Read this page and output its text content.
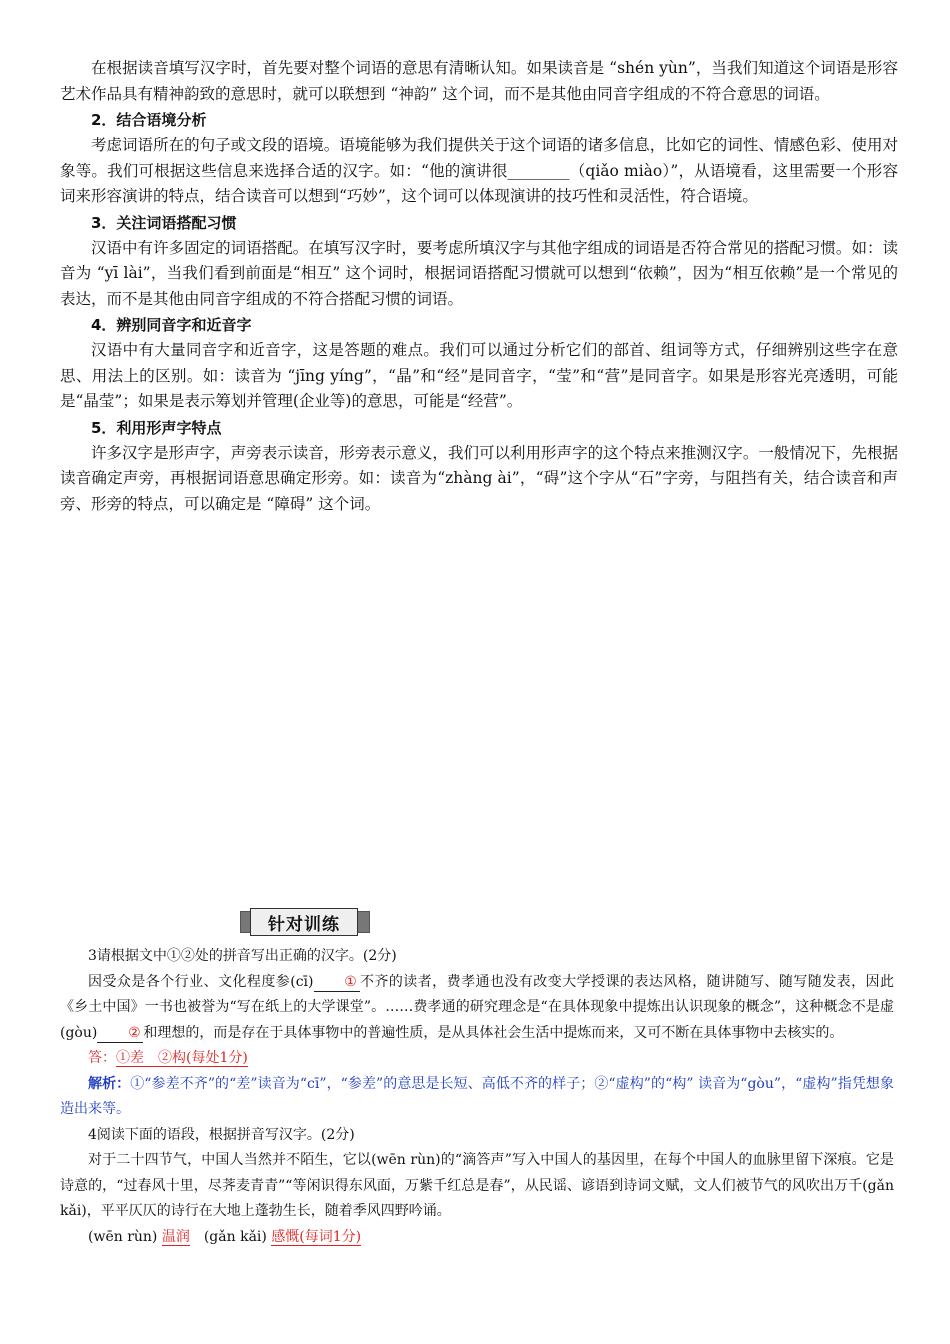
在根据读音填写汉字时，首先要对整个词语的意思有清晰认知。如果读音是 “shén yùn”，当我们知道这个词语是形容艺术作品具有精神韵致的意思时，就可以联想到 “神韵” 这个词，而不是其他由同音字组成的不符合意思的词语。

2．结合语境分析

考虑词语所在的句子或文段的语境。语境能够为我们提供关于这个词语的诸多信息，比如它的词性、情感色彩、使用对象等。我们可根据这些信息来选择合适的汉字。如：“他的演讲很________（qiǎo miào）”，从语境看，这里需要一个形容词来形容演讲的特点，结合读音可以想到“巧妙”，这个词可以体现演讲的技巧性和灵活性，符合语境。

3．关注词语搭配习惯

汉语中有许多固定的词语搭配。在填写汉字时，要考虑所填汉字与其他字组成的词语是否符合常见的搭配习惯。如：读音为 “yī lài”，当我们看到前面是“相互” 这个词时，根据词语搭配习惯就可以想到“依赖”，因为“相互依赖”是一个常见的表达，而不是其他由同音字组成的不符合搭配习惯的词语。

4．辨别同音字和近音字

汉语中有大量同音字和近音字，这是答题的难点。我们可以通过分析它们的部首、组词等方式，仔细辨别这些字在意思、用法上的区别。如：读音为 “jīng yíng”，“晶”和“经”是同音字，“莹”和“营”是同音字。如果是形容光亮透明，可能是“晶莹”；如果是表示筹划并管理(企业等)的意思，可能是“经营”。

5．利用形声字特点

许多汉字是形声字，声旁表示读音，形旁表示意义，我们可以利用形声字的这个特点来推测汉字。一般情况下，先根据读音确定声旁，再根据词语意思确定形旁。如：读音为“zhàng ài”，“碍”这个字从“石”字旁，与阻挡有关，结合读音和声旁、形旁的特点，可以确定是 “障碍” 这个词。

针对训练

3请根据文中①②处的拼音写出正确的汉字。(2分)

因受众是各个行业、文化程度参(cī) ① 不齐的读者，费孝通也没有改变大学授课的表达风格，随讲随写、随写随发表，因此《乡土中国》一书也被誉为“写在纸上的大学课堂”。……费孝通的研究理念是“在具体现象中提炼出认识现象的概念”，这种概念不是虚(gòu) ② 和理想的，而是存在于具体事物中的普遍性质，是从具体社会生活中提炼而来，又可不断在具体事物中去核实的。

答：①差　②构(每处1分)

解析：①“参差不齐”的“差”读音为“cī”，“参差”的意思是长短、高低不齐的样子；②“虚构”的“构” 读音为“gòu”，“虚构”指凭想象造出来等。

4阅读下面的语段，根据拼音写汉字。(2分)

对于二十四节气，中国人当然并不陌生，它以(wēn rùn)的“滴答声”写入中国人的基因里，在每个中国人的血脉里留下深痕。它是诗意的，“过春风十里，尽荠麦青青”“等闲识得东风面，万紫千红总是春”，从民谣、谚语到诗词文赋，文人们被节气的风吹出万千(gǎn kǎi)，平平仄仄的诗行在大地上蓬勃生长，随着季风四野吟诵。

(wēn rùn) 温润　 (gǎn kǎi) 感慨(每词1分)
